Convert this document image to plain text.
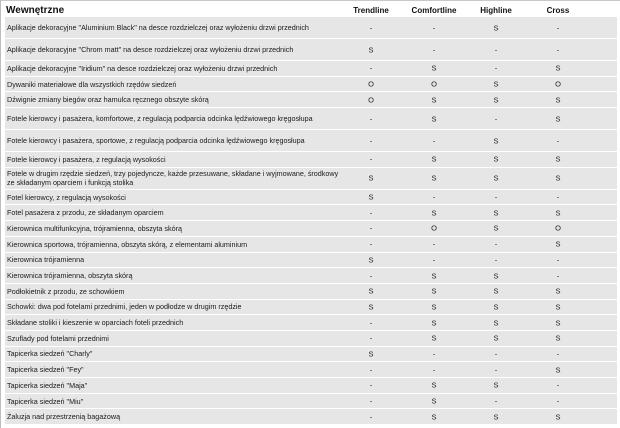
Wewnętrzne	Trendline	Comfortline	Highline	Cross
Aplikacje dekoracyjne "Aluminium Black" na desce rozdzielczej oraz wyłożeniu drzwi przednich	-	-	S	-
Aplikacje dekoracyjne "Chrom matt" na desce rozdzielczej oraz wyłożeniu drzwi przednich	S	-	-	-
Aplikacje dekoracyjne "Iridium" na desce rozdzielczej oraz wyłożeniu drzwi przednich	-	S	-	S
Dywaniki materiałowe dla wszystkich rzędów siedzeń	O	O	S	O
Dźwignie zmiany biegów oraz hamulca ręcznego obszyte skórą	O	S	S	S
Fotele kierowcy i pasażera, komfortowe, z regulacją podparcia odcinka lędźwiowego kręgosłupa	-	S	-	S
Fotele kierowcy i pasażera, sportowe, z regulacją podparcia odcinka lędźwiowego kręgosłupa	-	-	S	-
Fotele kierowcy i pasażera, z regulacją wysokości	-	S	S	S
Fotele w drugim rzędzie siedzeń, trzy pojedyncze, każde przesuwane, składane i wyjmowane, środkowy ze składanym oparciem i funkcją stolika	S	S	S	S
Fotel kierowcy, z regulacją wysokości	S	-	-	-
Fotel pasażera z przodu, ze składanym oparciem	-	S	S	S
Kierownica multifunkcyjna, trójramienna, obszyta skórą	-	O	S	O
Kierownica sportowa, trójramienna, obszyta skórą, z elementami aluminium	-	-	-	S
Kierownica trójramienna	S	-	-	-
Kierownica trójramienna, obszyta skórą	-	S	S	-
Podłokietnik z przodu, ze schowkiem	S	S	S	S
Schowki: dwa pod fotelami przednimi, jeden w podłodze w drugim rzędzie	S	S	S	S
Składane stoliki i kieszenie w oparciach foteli przednich	-	S	S	S
Szuflady pod fotelami przednimi	-	S	S	S
Tapicerka siedzeń "Charly"	S	-	-	-
Tapicerka siedzeń "Fey"	-	-	-	S
Tapicerka siedzeń "Maja"	-	S	S	-
Tapicerka siedzeń "Miu"	-	S	-	-
Żaluzja nad przestrzenią bagażową	-	S	S	S
